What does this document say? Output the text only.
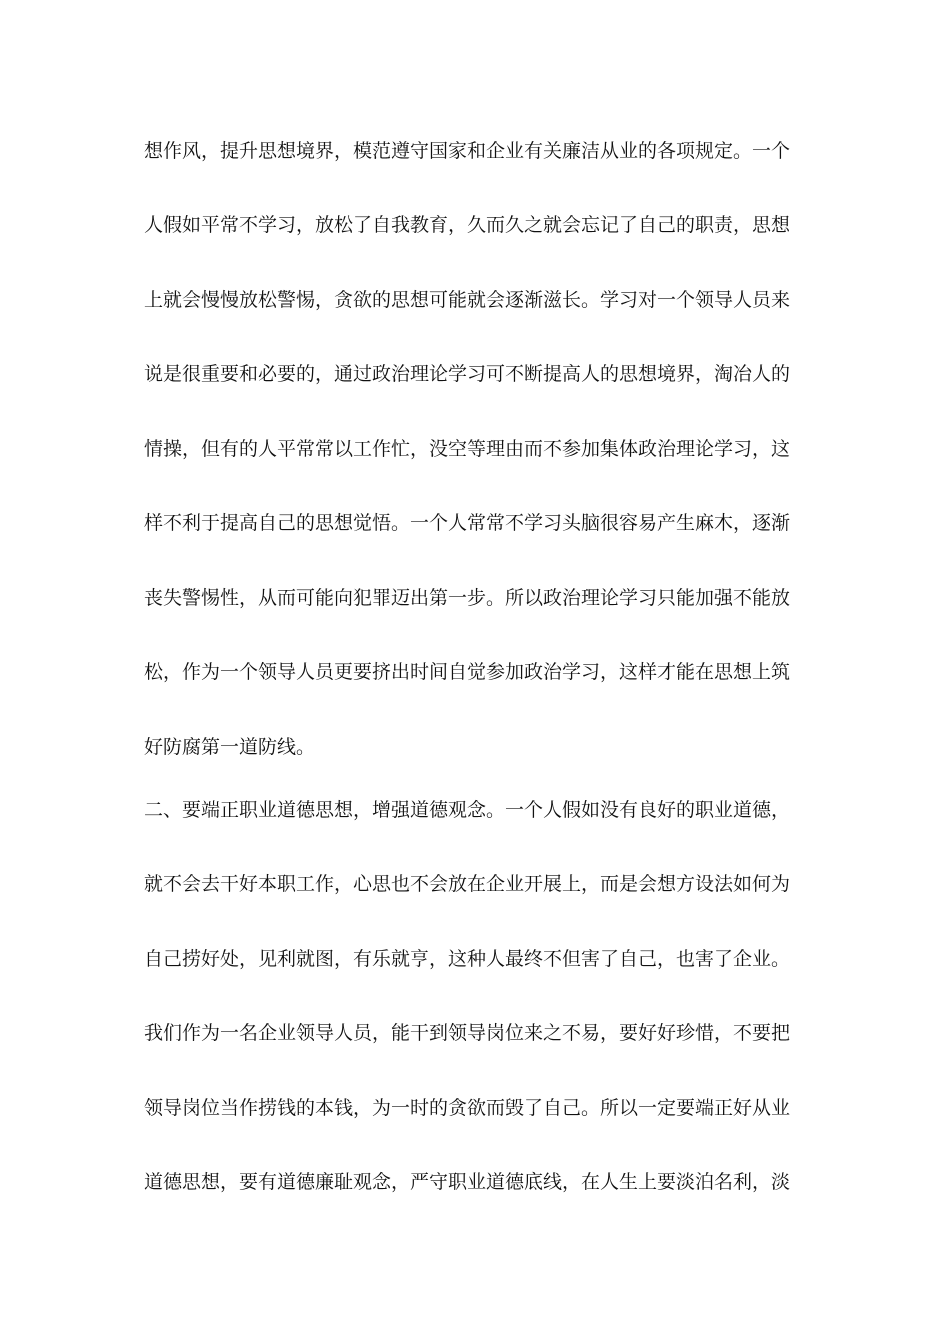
想作风，提升思想境界，模范遵守国家和企业有关廉洁从业的各项规定。一个
人假如平常不学习，放松了自我教育，久而久之就会忘记了自己的职责，思想
上就会慢慢放松警惕，贪欲的思想可能就会逐渐滋长。学习对一个领导人员来
说是很重要和必要的，通过政治理论学习可不断提高人的思想境界，淘冶人的
情操，但有的人平常常以工作忙，没空等理由而不参加集体政治理论学习，这
样不利于提高自己的思想觉悟。一个人常常不学习头脑很容易产生麻木，逐渐
丧失警惕性，从而可能向犯罪迈出第一步。所以政治理论学习只能加强不能放
松，作为一个领导人员更要挤出时间自觉参加政治学习，这样才能在思想上筑
好防腐第一道防线。
二、要端正职业道德思想，增强道德观念。一个人假如没有良好的职业道德，
就不会去干好本职工作，心思也不会放在企业开展上，而是会想方设法如何为
自己捞好处，见利就图，有乐就亨，这种人最终不但害了自己，也害了企业。
我们作为一名企业领导人员，能干到领导岗位来之不易，要好好珍惜，不要把
领导岗位当作捞钱的本钱，为一时的贪欲而毁了自己。所以一定要端正好从业
道德思想，要有道德廉耻观念，严守职业道德底线，在人生上要淡泊名利，淡
